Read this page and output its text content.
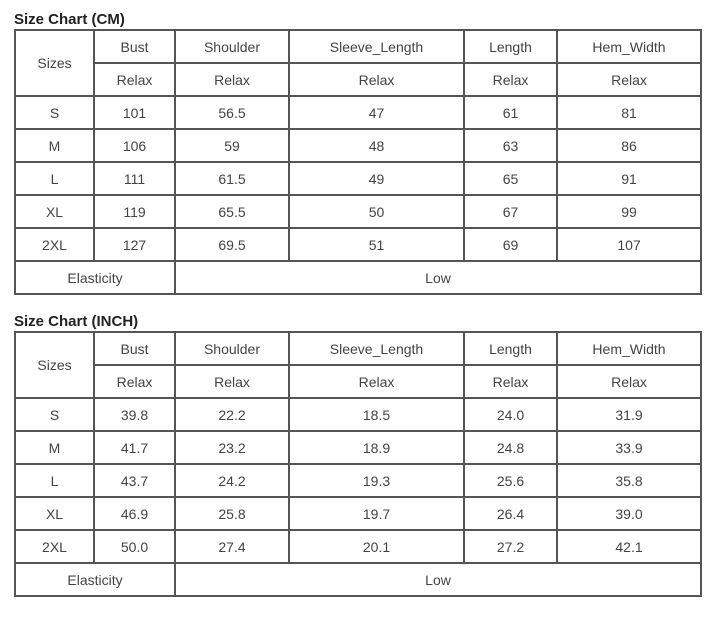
Size Chart (CM)
Sizes	Bust	Shoulder	Sleeve_Length	Length	Hem_Width
	Relax	Relax	Relax	Relax	Relax
S	101	56.5	47	61	81
M	106	59	48	63	86
L	111	61.5	49	65	91
XL	119	65.5	50	67	99
2XL	127	69.5	51	69	107
Elasticity		Low			
Size Chart (INCH)
Sizes	Bust	Shoulder	Sleeve_Length	Length	Hem_Width
	Relax	Relax	Relax	Relax	Relax
S	39.8	22.2	18.5	24.0	31.9
M	41.7	23.2	18.9	24.8	33.9
L	43.7	24.2	19.3	25.6	35.8
XL	46.9	25.8	19.7	26.4	39.0
2XL	50.0	27.4	20.1	27.2	42.1
Elasticity		Low			
